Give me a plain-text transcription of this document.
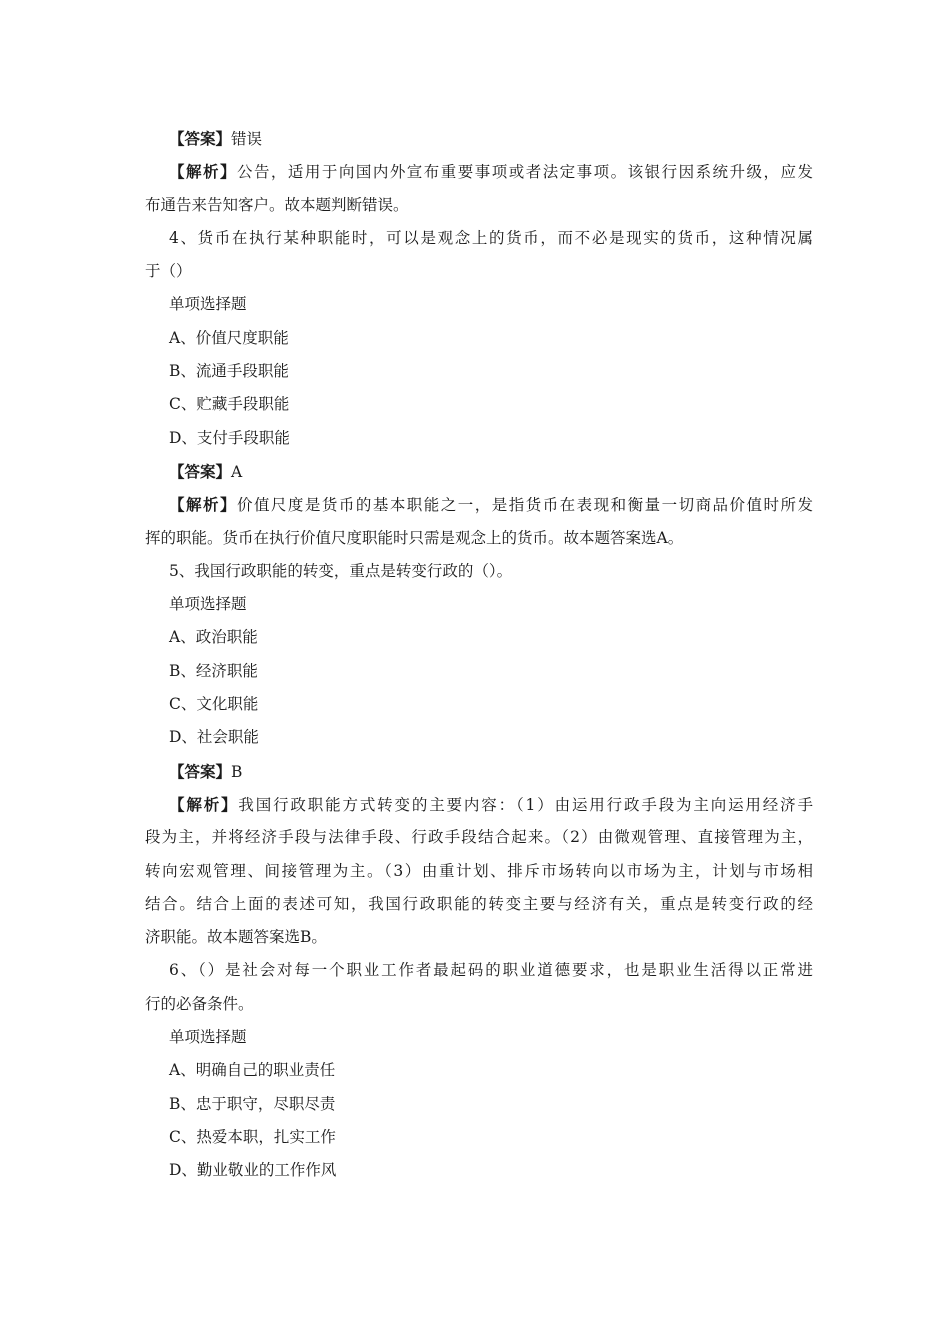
【答案】错误
【解析】公告，适用于向国内外宣布重要事项或者法定事项。该银行因系统升级，应发
布通告来告知客户。故本题判断错误。
4、货币在执行某种职能时，可以是观念上的货币，而不必是现实的货币，这种情况属
于（）
单项选择题
A、价值尺度职能
B、流通手段职能
C、贮藏手段职能
D、支付手段职能
【答案】A
【解析】价值尺度是货币的基本职能之一，是指货币在表现和衡量一切商品价值时所发
挥的职能。货币在执行价值尺度职能时只需是观念上的货币。故本题答案选A。
5、我国行政职能的转变，重点是转变行政的（）。
单项选择题
A、政治职能
B、经济职能
C、文化职能
D、社会职能
【答案】B
【解析】我国行政职能方式转变的主要内容：（1）由运用行政手段为主向运用经济手
段为主，并将经济手段与法律手段、行政手段结合起来。（2）由微观管理、直接管理为主，
转向宏观管理、间接管理为主。（3）由重计划、排斥市场转向以市场为主，计划与市场相
结合。结合上面的表述可知，我国行政职能的转变主要与经济有关，重点是转变行政的经
济职能。故本题答案选B。
6、（）是社会对每一个职业工作者最起码的职业道德要求，也是职业生活得以正常进
行的必备条件。
单项选择题
A、明确自己的职业责任
B、忠于职守，尽职尽责
C、热爱本职，扎实工作
D、勤业敬业的工作作风
